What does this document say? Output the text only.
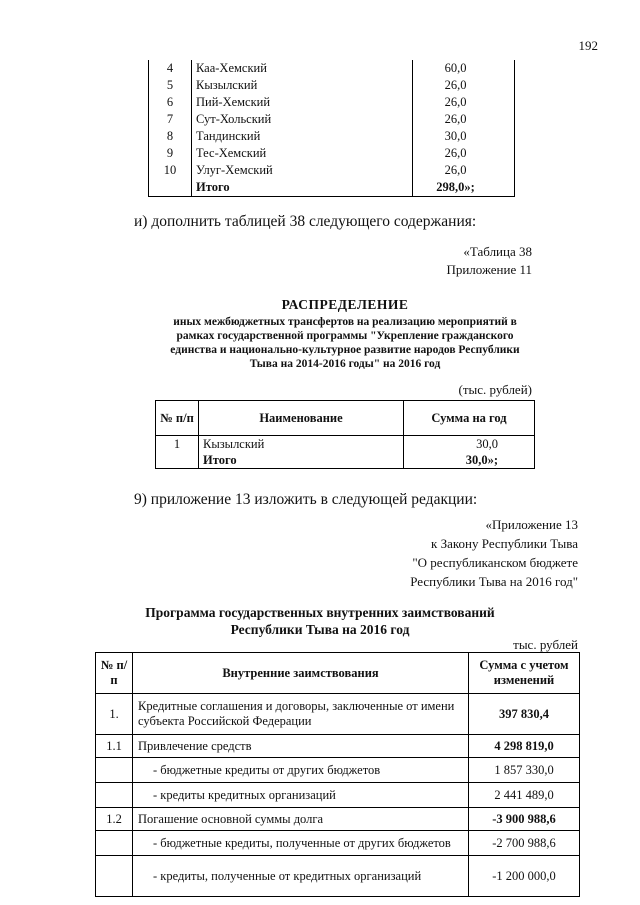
192
4	Каа-Хемский	60,0
5	Кызылский	26,0
6	Пий-Хемский	26,0
7	Сут-Хольский	26,0
8	Тандинский	30,0
9	Тес-Хемский	26,0
10	Улуг-Хемский	26,0
	Итого	298,0»;
и) дополнить таблицей 38 следующего содержания:
«Таблица 38
Приложение 11
РАСПРЕДЕЛЕНИЕ
иных межбюджетных трансфертов на реализацию мероприятий в
рамках государственной программы "Укрепление гражданского
единства и национально-культурное развитие народов Республики
Тыва на 2014-2016 годы" на 2016 год
(тыс. рублей)
№ п/п	Наименование	Сумма на год
1	Кызылский	30,0
	Итого	30,0»;
9) приложение 13 изложить в следующей редакции:
«Приложение 13
к Закону Республики Тыва
"О республиканском бюджете
Республики Тыва на 2016 год"
Программа государственных внутренних заимствований
Республики Тыва на 2016 год
тыс. рублей
№ п/п	Внутренние заимствования	Сумма с учетом изменений
1.	Кредитные соглашения и договоры, заключенные от имени субъекта Российской Федерации	397 830,4
1.1	Привлечение средств	4 298 819,0
	- бюджетные кредиты от других бюджетов	1 857 330,0
	- кредиты кредитных организаций	2 441 489,0
1.2	Погашение основной суммы долга	-3 900 988,6
	- бюджетные кредиты, полученные от других бюджетов	-2 700 988,6
	- кредиты, полученные от кредитных организаций	-1 200 000,0
